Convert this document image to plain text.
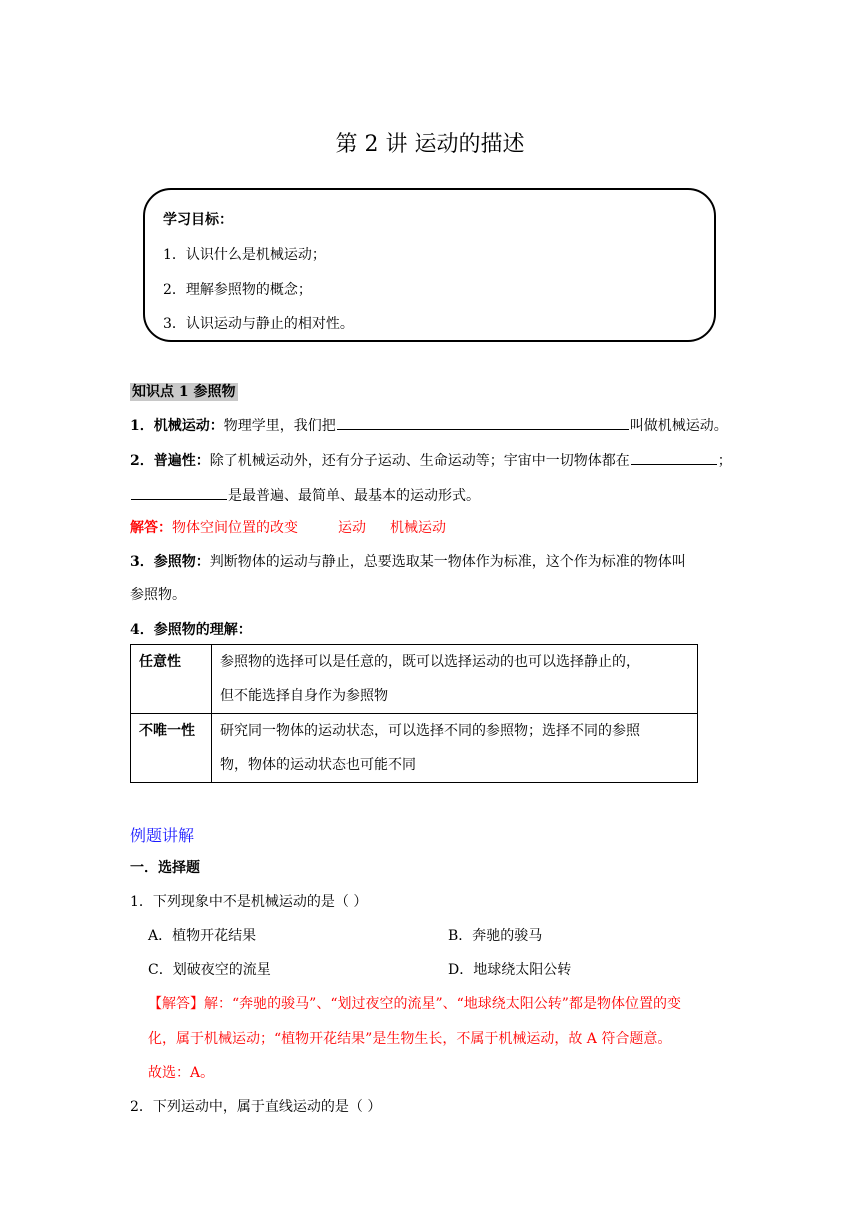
第 2 讲 运动的描述
学习目标：
1．认识什么是机械运动；
2．理解参照物的概念；
3．认识运动与静止的相对性。
知识点 1 参照物
1．机械运动：物理学里，我们把	叫做机械运动。
2．普遍性：除了机械运动外，还有分子运动、生命运动等；宇宙中一切物体都在	；
是最普遍、最简单、最基本的运动形式。
解答：物体空间位置的改变	运动 机械运动
3．参照物：判断物体的运动与静止，总要选取某一物体作为标准，这个作为标准的物体叫
参照物。
4．参照物的理解：
任意性	参照物的选择可以是任意的，既可以选择运动的也可以选择静止的，
但不能选择自身作为参照物

不唯一性	研究同一物体的运动状态，可以选择不同的参照物；选择不同的参照
物，物体的运动状态也可能不同
例题讲解
一．选择题
1．下列现象中不是机械运动的是（ ）
A．植物开花结果	B．奔驰的骏马
C．划破夜空的流星	D．地球绕太阳公转
【解答】解：“奔驰的骏马”、“划过夜空的流星”、“地球绕太阳公转”都是物体位置的变
化，属于机械运动；“植物开花结果”是生物生长，不属于机械运动，故 A 符合题意。
故选：A。
2．下列运动中，属于直线运动的是（ ）
